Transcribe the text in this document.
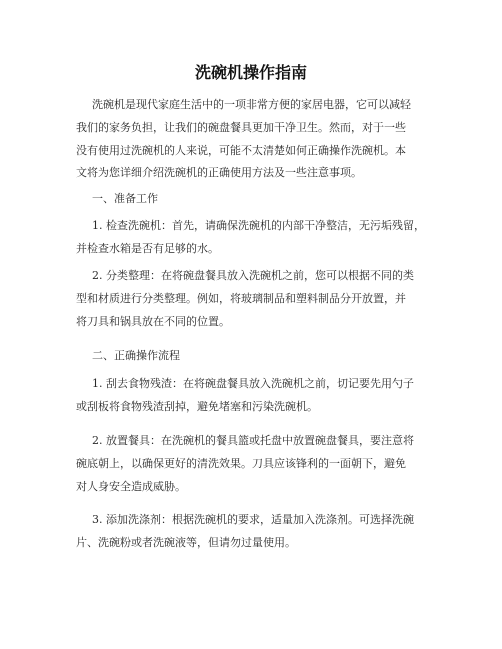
洗碗机操作指南

洗碗机是现代家庭生活中的一项非常方便的家居电器，它可以减轻

我们的家务负担，让我们的碗盘餐具更加干净卫生。然而，对于一些

没有使用过洗碗机的人来说，可能不太清楚如何正确操作洗碗机。本

文将为您详细介绍洗碗机的正确使用方法及一些注意事项。

一、准备工作

1. 检查洗碗机：首先，请确保洗碗机的内部干净整洁，无污垢残留，

并检查水箱是否有足够的水。

2. 分类整理：在将碗盘餐具放入洗碗机之前，您可以根据不同的类

型和材质进行分类整理。例如，将玻璃制品和塑料制品分开放置，并

将刀具和锅具放在不同的位置。

二、正确操作流程

1. 刮去食物残渣：在将碗盘餐具放入洗碗机之前，切记要先用勺子

或刮板将食物残渣刮掉，避免堵塞和污染洗碗机。

2. 放置餐具：在洗碗机的餐具篮或托盘中放置碗盘餐具，要注意将

碗底朝上，以确保更好的清洗效果。刀具应该锋利的一面朝下，避免

对人身安全造成威胁。

3. 添加洗涤剂：根据洗碗机的要求，适量加入洗涤剂。可选择洗碗

片、洗碗粉或者洗碗液等，但请勿过量使用。
